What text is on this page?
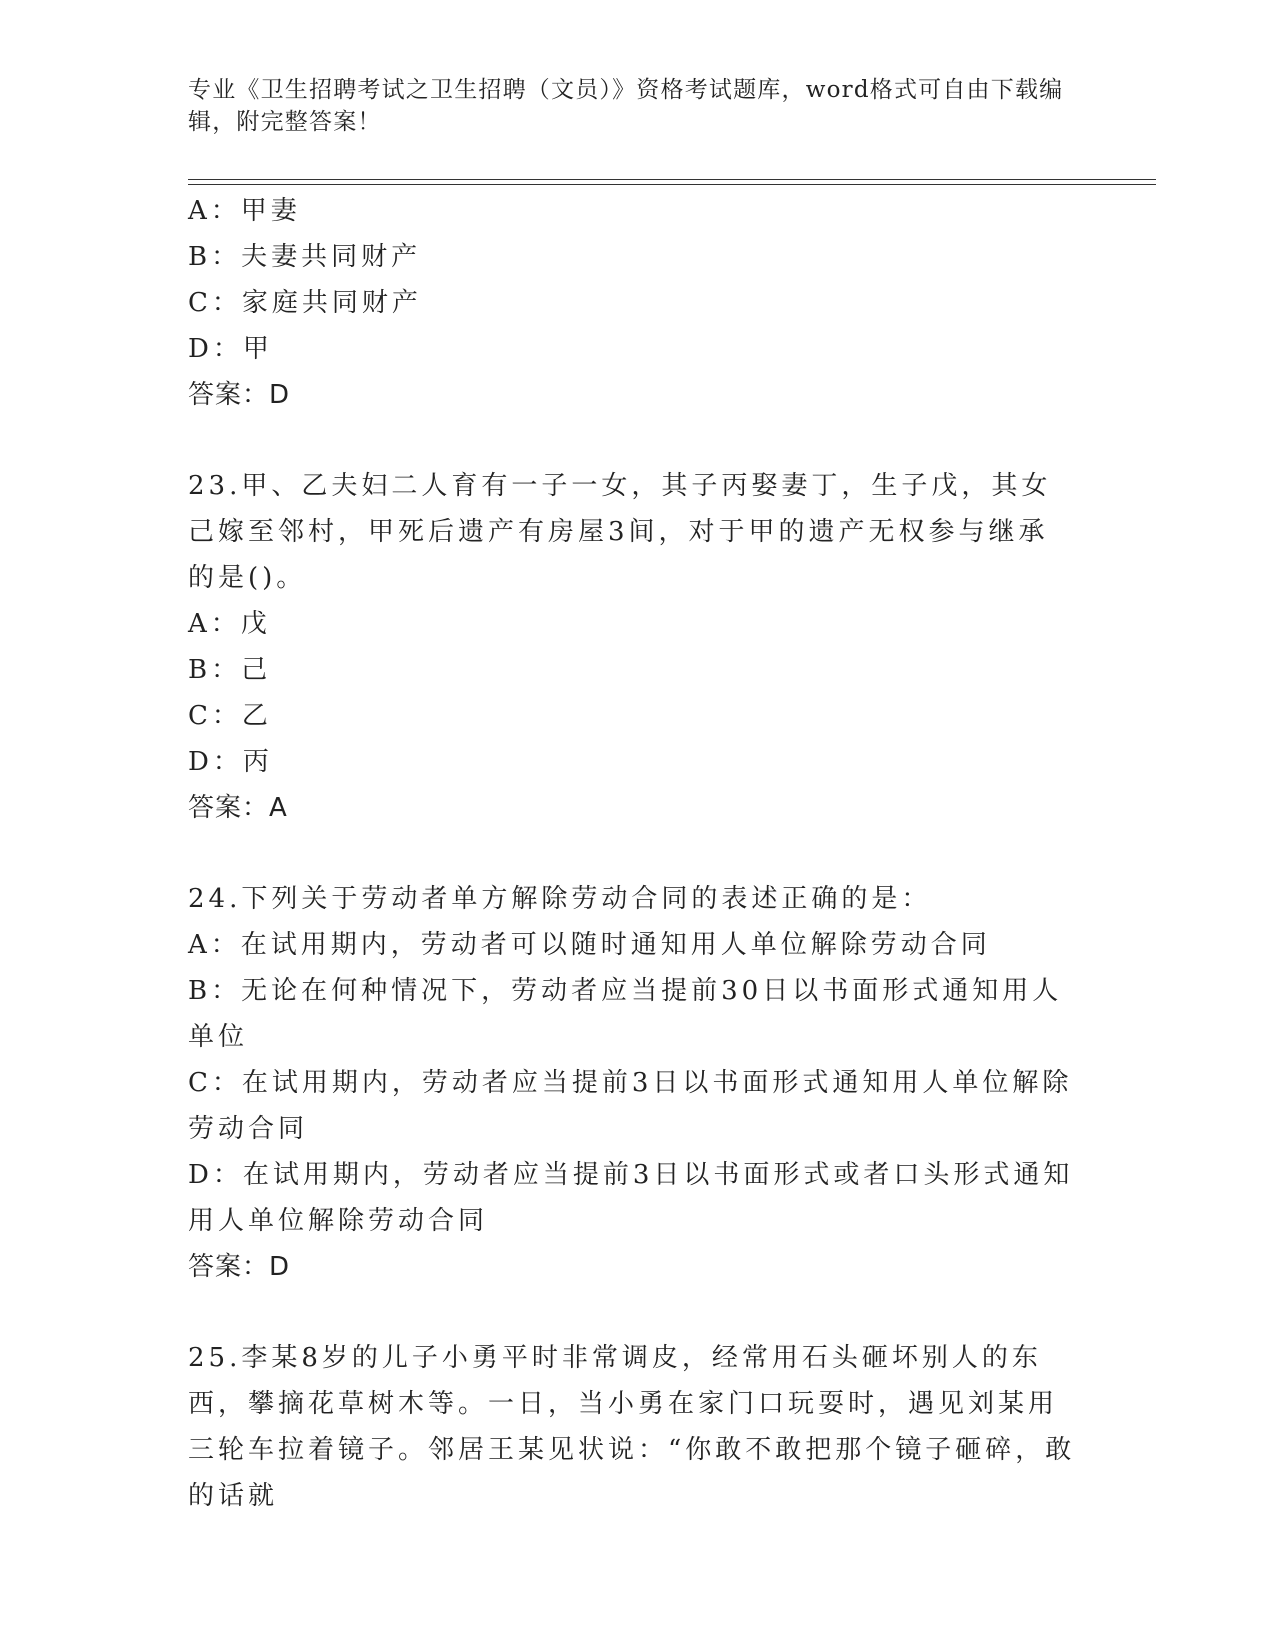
专业《卫生招聘考试之卫生招聘（文员）》资格考试题库，word格式可自由下载编辑，附完整答案！
A：甲妻
B：夫妻共同财产
C：家庭共同财产
D：甲
答案：D
23.甲、乙夫妇二人育有一子一女，其子丙娶妻丁，生子戊，其女己嫁至邻村，甲死后遗产有房屋3间，对于甲的遗产无权参与继承的是()。
A：戊
B：己
C：乙
D：丙
答案：A
24.下列关于劳动者单方解除劳动合同的表述正确的是：
A：在试用期内，劳动者可以随时通知用人单位解除劳动合同
B：无论在何种情况下，劳动者应当提前30日以书面形式通知用人单位
C：在试用期内，劳动者应当提前3日以书面形式通知用人单位解除劳动合同
D：在试用期内，劳动者应当提前3日以书面形式或者口头形式通知用人单位解除劳动合同
答案：D
25.李某8岁的儿子小勇平时非常调皮，经常用石头砸坏别人的东西，攀摘花草树木等。一日，当小勇在家门口玩耍时，遇见刘某用三轮车拉着镜子。邻居王某见状说：“你敢不敢把那个镜子砸碎，敢的话就
